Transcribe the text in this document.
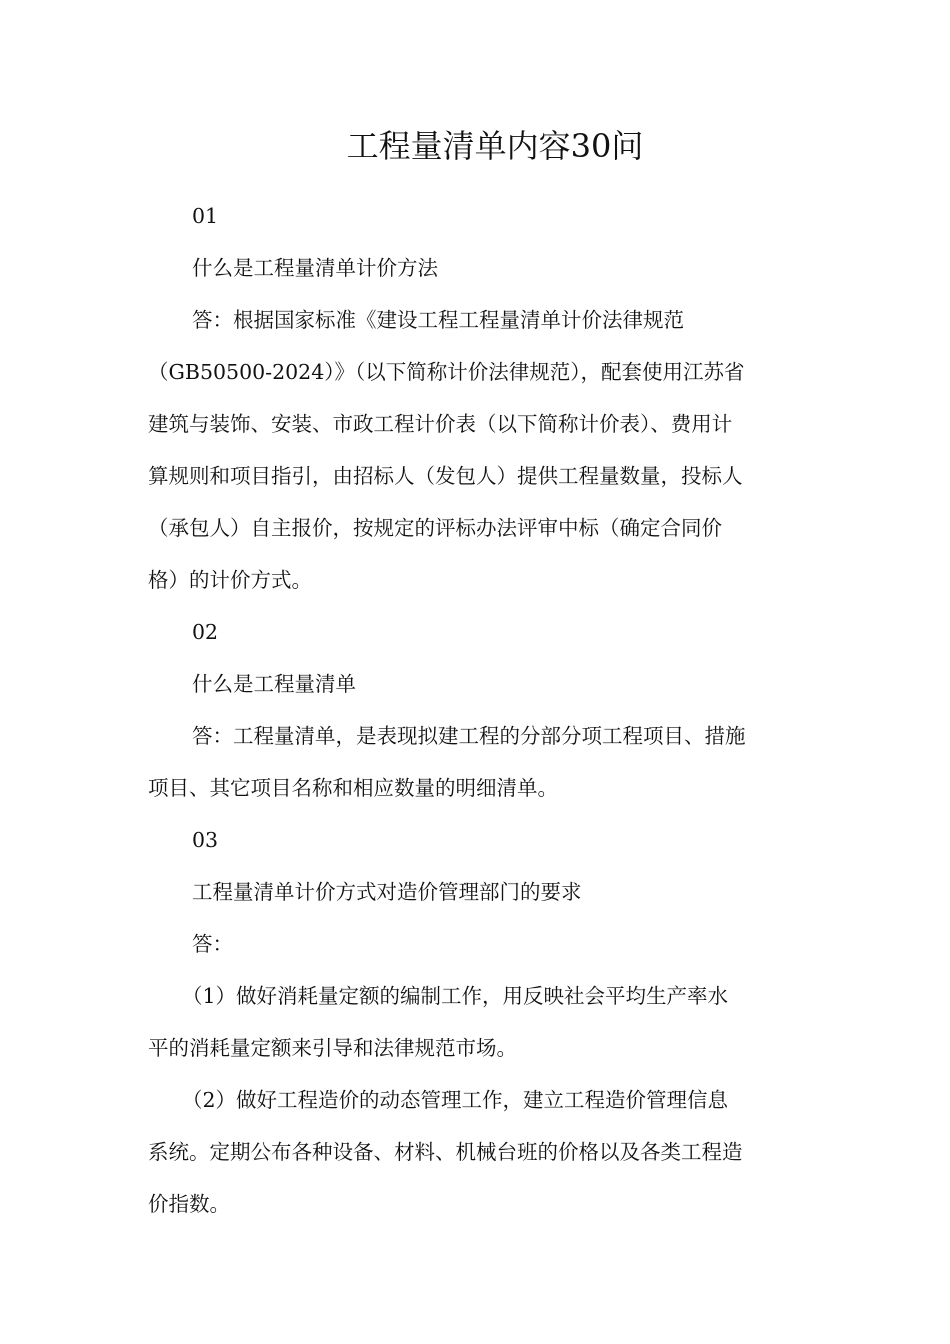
工程量清单内容30问
01
什么是工程量清单计价方法
答：根据国家标准《建设工程工程量清单计价法律规范
（GB50500-2024）》（以下简称计价法律规范），配套使用江苏省
建筑与装饰、安装、市政工程计价表（以下简称计价表）、费用计
算规则和项目指引，由招标人（发包人）提供工程量数量，投标人
（承包人）自主报价，按规定的评标办法评审中标（确定合同价
格）的计价方式。
02
什么是工程量清单
答：工程量清单，是表现拟建工程的分部分项工程项目、措施
项目、其它项目名称和相应数量的明细清单。
03
工程量清单计价方式对造价管理部门的要求
答：
（1）做好消耗量定额的编制工作，用反映社会平均生产率水
平的消耗量定额来引导和法律规范市场。
（2）做好工程造价的动态管理工作，建立工程造价管理信息
系统。定期公布各种设备、材料、机械台班的价格以及各类工程造
价指数。
